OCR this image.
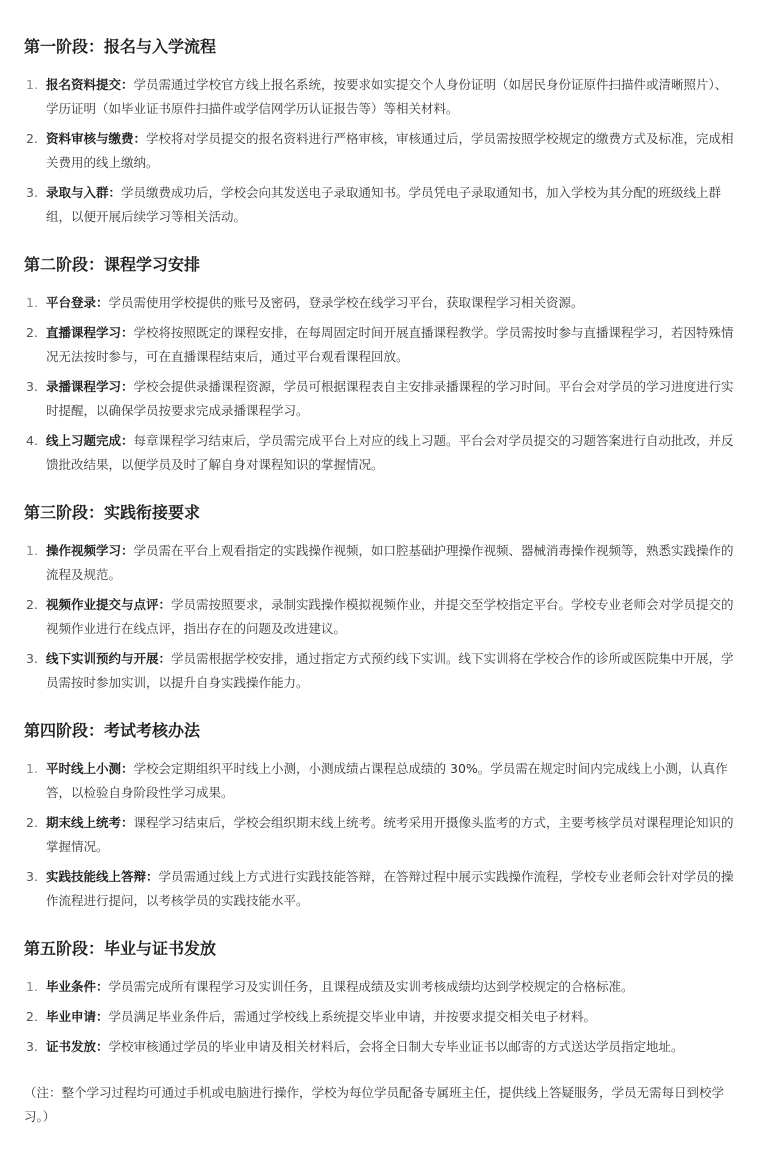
第一阶段：报名与入学流程
1. 报名资料提交：学员需通过学校官方线上报名系统，按要求如实提交个人身份证明（如居民身份证原件扫描件或清晰照片）、学历证明（如毕业证书原件扫描件或学信网学历认证报告等）等相关材料。
2. 资料审核与缴费：学校将对学员提交的报名资料进行严格审核，审核通过后，学员需按照学校规定的缴费方式及标准，完成相关费用的线上缴纳。
3. 录取与入群：学员缴费成功后，学校会向其发送电子录取通知书。学员凭电子录取通知书，加入学校为其分配的班级线上群组，以便开展后续学习等相关活动。
第二阶段：课程学习安排
1. 平台登录：学员需使用学校提供的账号及密码，登录学校在线学习平台，获取课程学习相关资源。
2. 直播课程学习：学校将按照既定的课程安排，在每周固定时间开展直播课程教学。学员需按时参与直播课程学习，若因特殊情况无法按时参与，可在直播课程结束后，通过平台观看课程回放。
3. 录播课程学习：学校会提供录播课程资源，学员可根据课程表自主安排录播课程的学习时间。平台会对学员的学习进度进行实时提醒，以确保学员按要求完成录播课程学习。
4. 线上习题完成：每章课程学习结束后，学员需完成平台上对应的线上习题。平台会对学员提交的习题答案进行自动批改，并反馈批改结果，以便学员及时了解自身对课程知识的掌握情况。
第三阶段：实践衔接要求
1. 操作视频学习：学员需在平台上观看指定的实践操作视频，如口腔基础护理操作视频、器械消毒操作视频等，熟悉实践操作的流程及规范。
2. 视频作业提交与点评：学员需按照要求，录制实践操作模拟视频作业，并提交至学校指定平台。学校专业老师会对学员提交的视频作业进行在线点评，指出存在的问题及改进建议。
3. 线下实训预约与开展：学员需根据学校安排，通过指定方式预约线下实训。线下实训将在学校合作的诊所或医院集中开展，学员需按时参加实训，以提升自身实践操作能力。
第四阶段：考试考核办法
1. 平时线上小测：学校会定期组织平时线上小测，小测成绩占课程总成绩的 30%。学员需在规定时间内完成线上小测，认真作答，以检验自身阶段性学习成果。
2. 期末线上统考：课程学习结束后，学校会组织期末线上统考。统考采用开摄像头监考的方式，主要考核学员对课程理论知识的掌握情况。
3. 实践技能线上答辩：学员需通过线上方式进行实践技能答辩，在答辩过程中展示实践操作流程，学校专业老师会针对学员的操作流程进行提问，以考核学员的实践技能水平。
第五阶段：毕业与证书发放
1. 毕业条件：学员需完成所有课程学习及实训任务，且课程成绩及实训考核成绩均达到学校规定的合格标准。
2. 毕业申请：学员满足毕业条件后，需通过学校线上系统提交毕业申请，并按要求提交相关电子材料。
3. 证书发放：学校审核通过学员的毕业申请及相关材料后，会将全日制大专毕业证书以邮寄的方式送达学员指定地址。

（注：整个学习过程均可通过手机或电脑进行操作，学校为每位学员配备专属班主任，提供线上答疑服务，学员无需每日到校学习。）
